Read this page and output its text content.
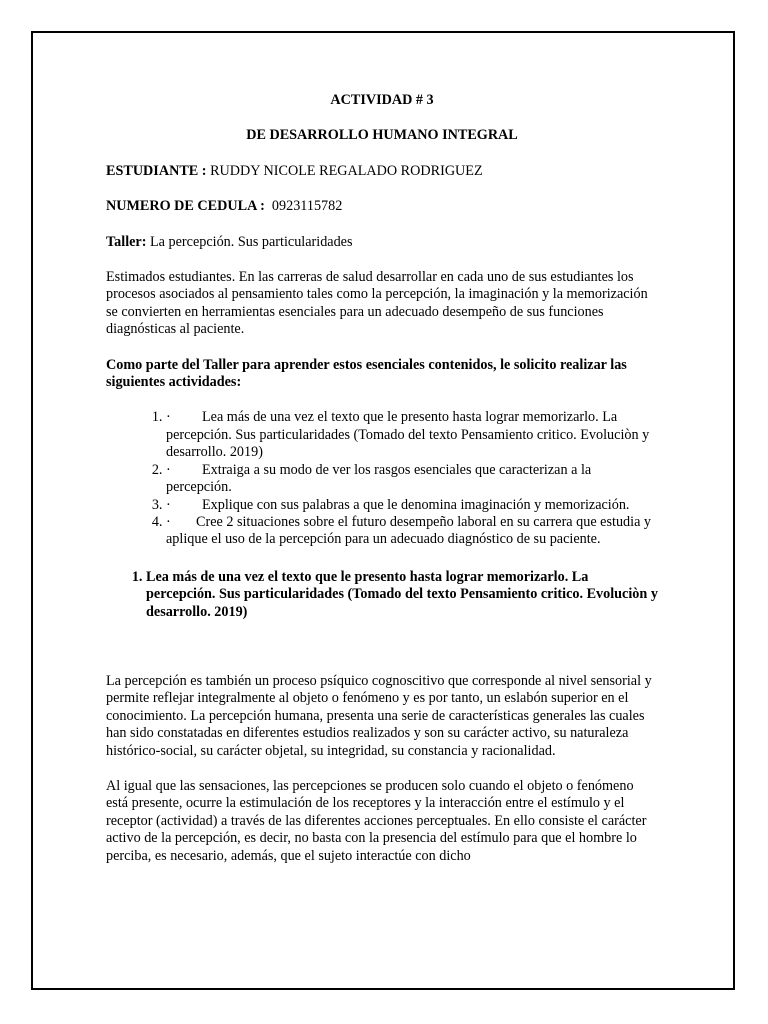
ACTIVIDAD # 3

DE DESARROLLO HUMANO INTEGRAL

ESTUDIANTE : RUDDY NICOLE REGALADO RODRIGUEZ

NUMERO DE CEDULA : 0923115782

Taller: La percepción. Sus particularidades

Estimados estudiantes. En las carreras de salud desarrollar en cada uno de sus estudiantes los procesos asociados al pensamiento tales como la percepción, la imaginación y la memorización se convierten en herramientas esenciales para un adecuado desempeño de sus funciones diagnósticas al paciente.

Como parte del Taller para aprender estos esenciales contenidos, le solicito realizar las siguientes actividades:

1. · Lea más de una vez el texto que le presento hasta lograr memorizarlo. La percepción. Sus particularidades (Tomado del texto Pensamiento critico. Evoluciòn y desarrollo. 2019)
2. · Extraiga a su modo de ver los rasgos esenciales que caracterizan a la percepción.
3. · Explique con sus palabras a que le denomina imaginación y memorización.
4. · Cree 2 situaciones sobre el futuro desempeño laboral en su carrera que estudia y aplique el uso de la percepción para un adecuado diagnóstico de su paciente.
1. Lea más de una vez el texto que le presento hasta lograr memorizarlo. La percepción. Sus particularidades (Tomado del texto Pensamiento critico. Evoluciòn y desarrollo. 2019)

La percepción es también un proceso psíquico cognoscitivo que corresponde al nivel sensorial y permite reflejar integralmente al objeto o fenómeno y es por tanto, un eslabón superior en el conocimiento. La percepción humana, presenta una serie de características generales las cuales han sido constatadas en diferentes estudios realizados y son su carácter activo, su naturaleza histórico-social, su carácter objetal, su integridad, su constancia y racionalidad.

Al igual que las sensaciones, las percepciones se producen solo cuando el objeto o fenómeno está presente, ocurre la estimulación de los receptores y la interacción entre el estímulo y el receptor (actividad) a través de las diferentes acciones perceptuales. En ello consiste el carácter activo de la percepción, es decir, no basta con la presencia del estímulo para que el hombre lo perciba, es necesario, además, que el sujeto interactúe con dicho
